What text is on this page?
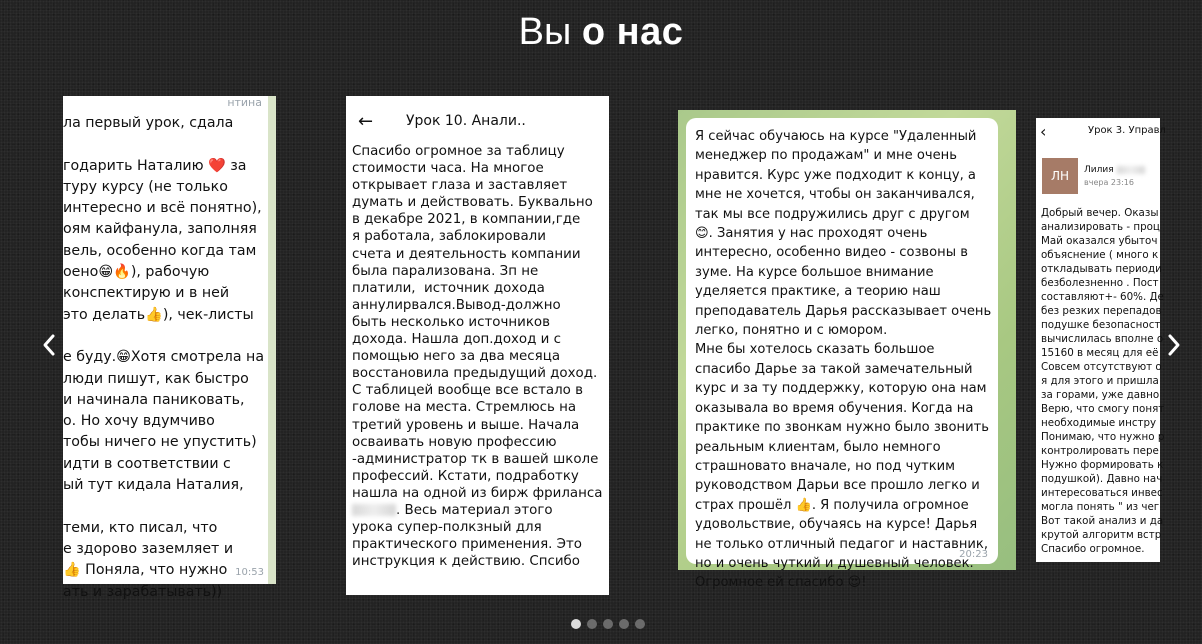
Вы о нас
нтина
ла первый урок, сдала

годарить Наталию ❤️ за
туру курсу (не только
интересно и всё понятно),
оям кайфанула, заполняя
вель, особенно когда там
оено😁🔥), рабочую
конспектирую и в ней
это делать👍), чек-листы

е буду.😁Хотя смотрела на
люди пишут, как быстро
и начинала паниковать,
о. Но хочу вдумчиво
тобы ничего не упустить)
идти в соответствии с
ый тут кидала Наталия,

теми, кто писал, что
е здорово заземляет и
👍 Поняла, что нужно
ать и зарабатывать))
10:53
← Урок 10. Анали..
Спасибо огромное за таблицу
стоимости часа. На многое
открывает глаза и заставляет
думать и действовать. Буквально
в декабре 2021, в компании,где
я работала, заблокировали
счета и деятельность компании
была парализована. Зп не
платили,  источник дохода
аннулирвался.Вывод-должно
быть несколько источников
дохода. Нашла доп.доход и с
помощью него за два месяца
восстановила предыдущий доход.
С таблицей вообще все встало в
голове на места. Стремлюсь на
третий уровень и выше. Начала
осваивать новую профессию
-администратор тк в вашей школе
профессий. Кстати, подработку
нашла на одной из бирж фриланса
. Весь материал этого
урока супер-полкзный для
практического применения. Это
инструкция к действию. Спсибо
Я сейчас обучаюсь на курсе "Удаленный
менеджер по продажам" и мне очень
нравится. Курс уже подходит к концу, а
мне не хочется, чтобы он заканчивался,
так мы все подружились друг с другом
😊. Занятия у нас проходят очень
интересно, особенно видео - созвоны в
зуме. На курсе большое внимание
уделяется практике, а теорию наш
преподаватель Дарья рассказывает очень
легко, понятно и с юмором.
Мне бы хотелось сказать большое
спасибо Дарье за такой замечательный
курс и за ту поддержку, которую она нам
оказывала во время обучения. Когда на
практике по звонкам нужно было звонить
реальным клиентам, было немного
страшновато вначале, но под чутким
руководством Дарьи все прошло легко и
страх прошёл 👍. Я получила огромное
удовольствие, обучаясь на курсе! Дарья
не только отличный педагог и наставник,
но и очень чуткий и душевный человек.
Огромное ей спасибо 😍!
20:23
‹	Урок 3. Управл
ЛН	Лилия
вчера 23:16
Добрый вечер. Оказы
анализировать - проц
Май оказался убыточ
объяснение ( много к
откладывать периоди
безболезненно . Пост
составляют+- 60%. Де
без резких перепадов
подушке безопасност
вычислилась вполне о
15160 в месяц для её
Совсем отсутствуют о
я для этого и пришла
за горами, уже давно
Верю, что смогу понят
необходимые инстру
Понимаю, что нужно р
контролировать пере
Нужно формировать к
подушкой). Давно нач
интересоваться инвес
могла понять " из чег
Вот такой анализ и да
крутой алгоритм встр
Спасибо огромное.
